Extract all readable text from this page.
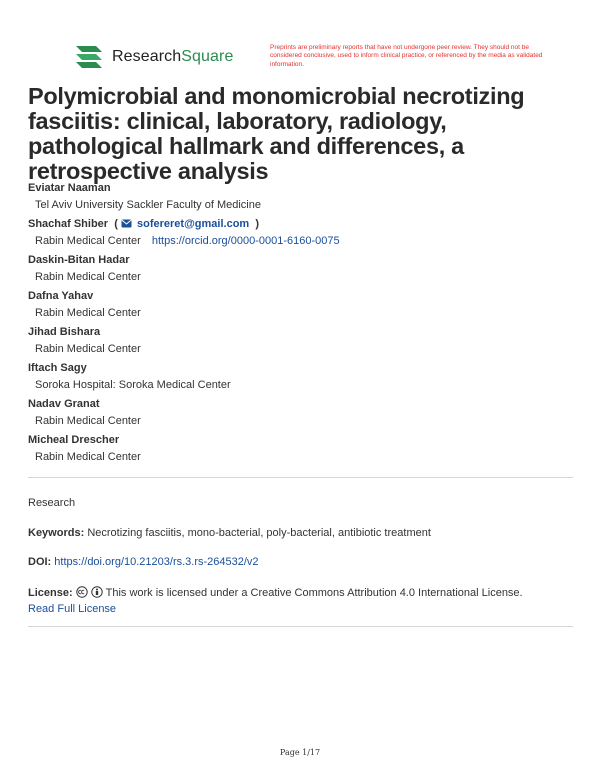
ResearchSquare
Preprints are preliminary reports that have not undergone peer review. They should not be considered conclusive, used to inform clinical practice, or referenced by the media as validated information.
Polymicrobial and monomicrobial necrotizing fasciitis: clinical, laboratory, radiology, pathological hallmark and differences, a retrospective analysis
Eviatar Naaman
Tel Aviv University Sackler Faculty of Medicine
Shachaf Shiber  ( sofereret@gmail.com  )
Rabin Medical Center https://orcid.org/0000-0001-6160-0075
Daskin-Bitan Hadar
Rabin Medical Center
Dafna Yahav
Rabin Medical Center
Jihad Bishara
Rabin Medical Center
Iftach Sagy
Soroka Hospital: Soroka Medical Center
Nadav Granat
Rabin Medical Center
Micheal Drescher
Rabin Medical Center
Research
Keywords: Necrotizing fasciitis, mono-bacterial, poly-bacterial, antibiotic treatment
DOI: https://doi.org/10.21203/rs.3.rs-264532/v2
License:	This work is licensed under a Creative Commons Attribution 4.0 International License.
Read Full License
Page 1/17
